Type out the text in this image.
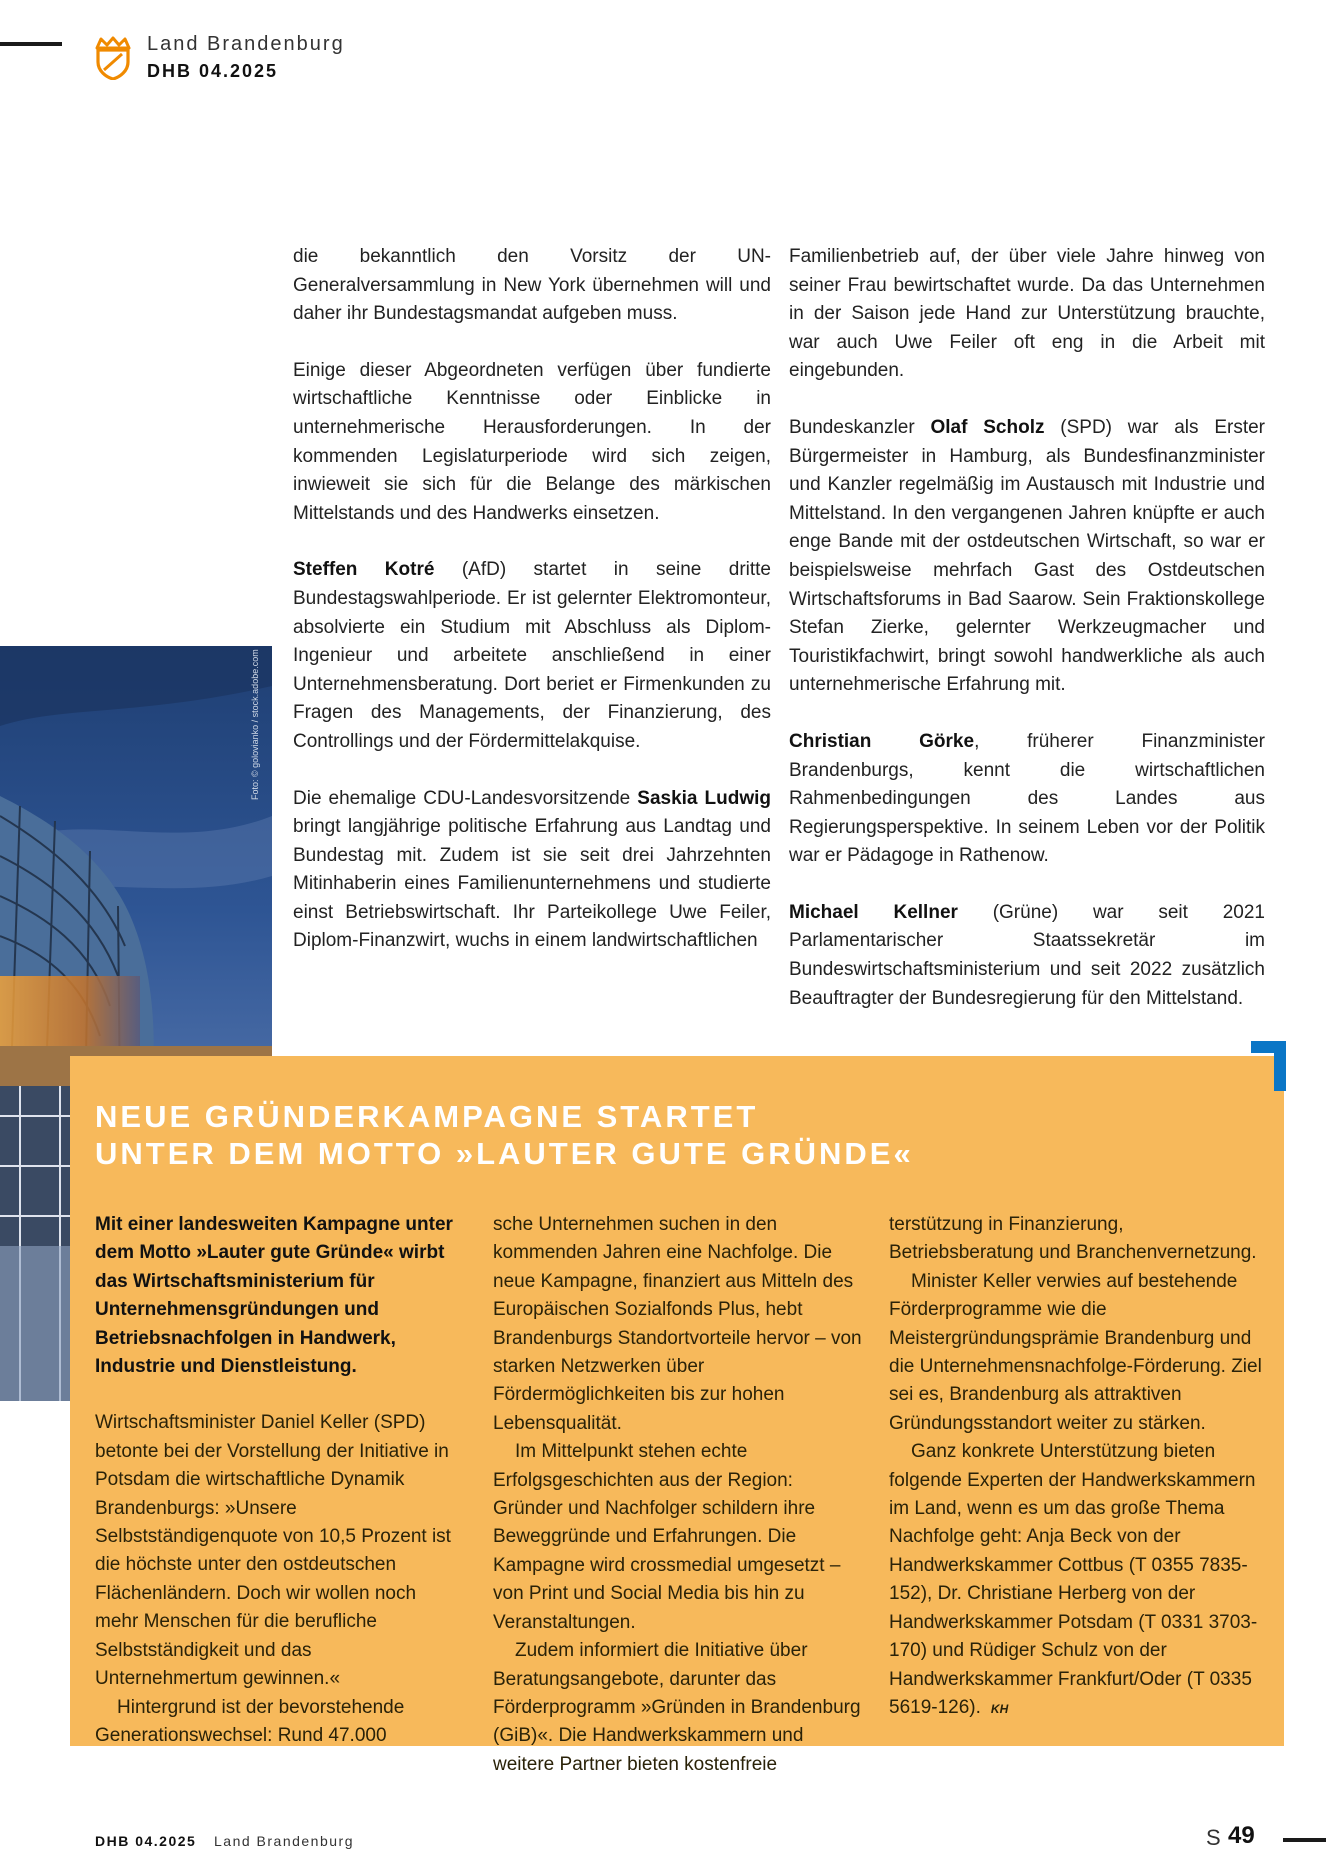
Land Brandenburg
DHB 04.2025
Foto: © golovianko / stock.adobe.com

die bekanntlich den Vorsitz der UN-Generalversammlung in New York übernehmen will und daher ihr Bundestagsmandat aufgeben muss.

Einige dieser Abgeordneten verfügen über fundierte wirtschaftliche Kenntnisse oder Einblicke in unternehmerische Herausforderungen. In der kommenden Legislaturperiode wird sich zeigen, inwieweit sie sich für die Belange des märkischen Mittelstands und des Handwerks einsetzen.

Steffen Kotré (AfD) startet in seine dritte Bundestagswahlperiode. Er ist gelernter Elektromonteur, absolvierte ein Studium mit Abschluss als Diplom-Ingenieur und arbeitete anschließend in einer Unternehmensberatung. Dort beriet er Firmenkunden zu Fragen des Managements, der Finanzierung, des Controllings und der Fördermittelakquise.

Die ehemalige CDU-Landesvorsitzende Saskia Ludwig bringt langjährige politische Erfahrung aus Landtag und Bundestag mit. Zudem ist sie seit drei Jahrzehnten Mitinhaberin eines Familienunternehmens und studierte einst Betriebswirtschaft. Ihr Parteikollege Uwe Feiler, Diplom-Finanzwirt, wuchs in einem landwirtschaftlichen

Familienbetrieb auf, der über viele Jahre hinweg von seiner Frau bewirtschaftet wurde. Da das Unternehmen in der Saison jede Hand zur Unterstützung brauchte, war auch Uwe Feiler oft eng in die Arbeit mit eingebunden.

Bundeskanzler Olaf Scholz (SPD) war als Erster Bürgermeister in Hamburg, als Bundesfinanzminister und Kanzler regelmäßig im Austausch mit Industrie und Mittelstand. In den vergangenen Jahren knüpfte er auch enge Bande mit der ostdeutschen Wirtschaft, so war er beispielsweise mehrfach Gast des Ostdeutschen Wirtschaftsforums in Bad Saarow. Sein Fraktionskollege Stefan Zierke, gelernter Werkzeugmacher und Touristikfachwirt, bringt sowohl handwerkliche als auch unternehmerische Erfahrung mit.

Christian Görke, früherer Finanzminister Brandenburgs, kennt die wirtschaftlichen Rahmenbedingungen des Landes aus Regierungsperspektive. In seinem Leben vor der Politik war er Pädagoge in Rathenow.

Michael Kellner (Grüne) war seit 2021 Parlamentarischer Staatssekretär im Bundeswirtschaftsministerium und seit 2022 zusätzlich Beauftragter der Bundesregierung für den Mittelstand.

NEUE GRÜNDERKAMPAGNE STARTET
UNTER DEM MOTTO »LAUTER GUTE GRÜNDE«

Mit einer landesweiten Kampagne unter dem Motto »Lauter gute Gründe« wirbt das Wirtschaftsministerium für Unternehmensgründungen und Betriebsnachfolgen in Handwerk, Industrie und Dienstleistung.

Wirtschaftsminister Daniel Keller (SPD) betonte bei der Vorstellung der Initiative in Potsdam die wirtschaftliche Dynamik Brandenburgs: »Unsere Selbstständigenquote von 10,5 Prozent ist die höchste unter den ostdeutschen Flächenländern. Doch wir wollen noch mehr Menschen für die berufliche Selbstständigkeit und das Unternehmertum gewinnen.«

Hintergrund ist der bevorstehende Generationswechsel: Rund 47.000

sche Unternehmen suchen in den kommenden Jahren eine Nachfolge. Die neue Kampagne, finanziert aus Mitteln des Europäischen Sozialfonds Plus, hebt Brandenburgs Standortvorteile hervor – von starken Netzwerken über Fördermöglichkeiten bis zur hohen Lebensqualität.

Im Mittelpunkt stehen echte Erfolgsgeschichten aus der Region: Gründer und Nachfolger schildern ihre Beweggründe und Erfahrungen. Die Kampagne wird crossmedial umgesetzt – von Print und Social Media bis hin zu Veranstaltungen.

Zudem informiert die Initiative über Beratungsangebote, darunter das Förderprogramm »Gründen in Brandenburg (GiB)«. Die Handwerkskammern und weitere Partner bieten kostenfreie

terstützung in Finanzierung, Betriebsberatung und Branchenvernetzung.

Minister Keller verwies auf bestehende Förderprogramme wie die Meistergründungsprämie Brandenburg und die Unternehmensnachfolge-Förderung. Ziel sei es, Brandenburg als attraktiven Gründungsstandort weiter zu stärken.

Ganz konkrete Unterstützung bieten folgende Experten der Handwerkskammern im Land, wenn es um das große Thema Nachfolge geht: Anja Beck von der Handwerkskammer Cottbus (T 0355 7835-152), Dr. Christiane Herberg von der Handwerkskammer Potsdam (T 0331 3703-170) und Rüdiger Schulz von der Handwerkskammer Frankfurt/Oder (T 0335 5619-126). KH

DHB 04.2025 Land Brandenburg	S 49
